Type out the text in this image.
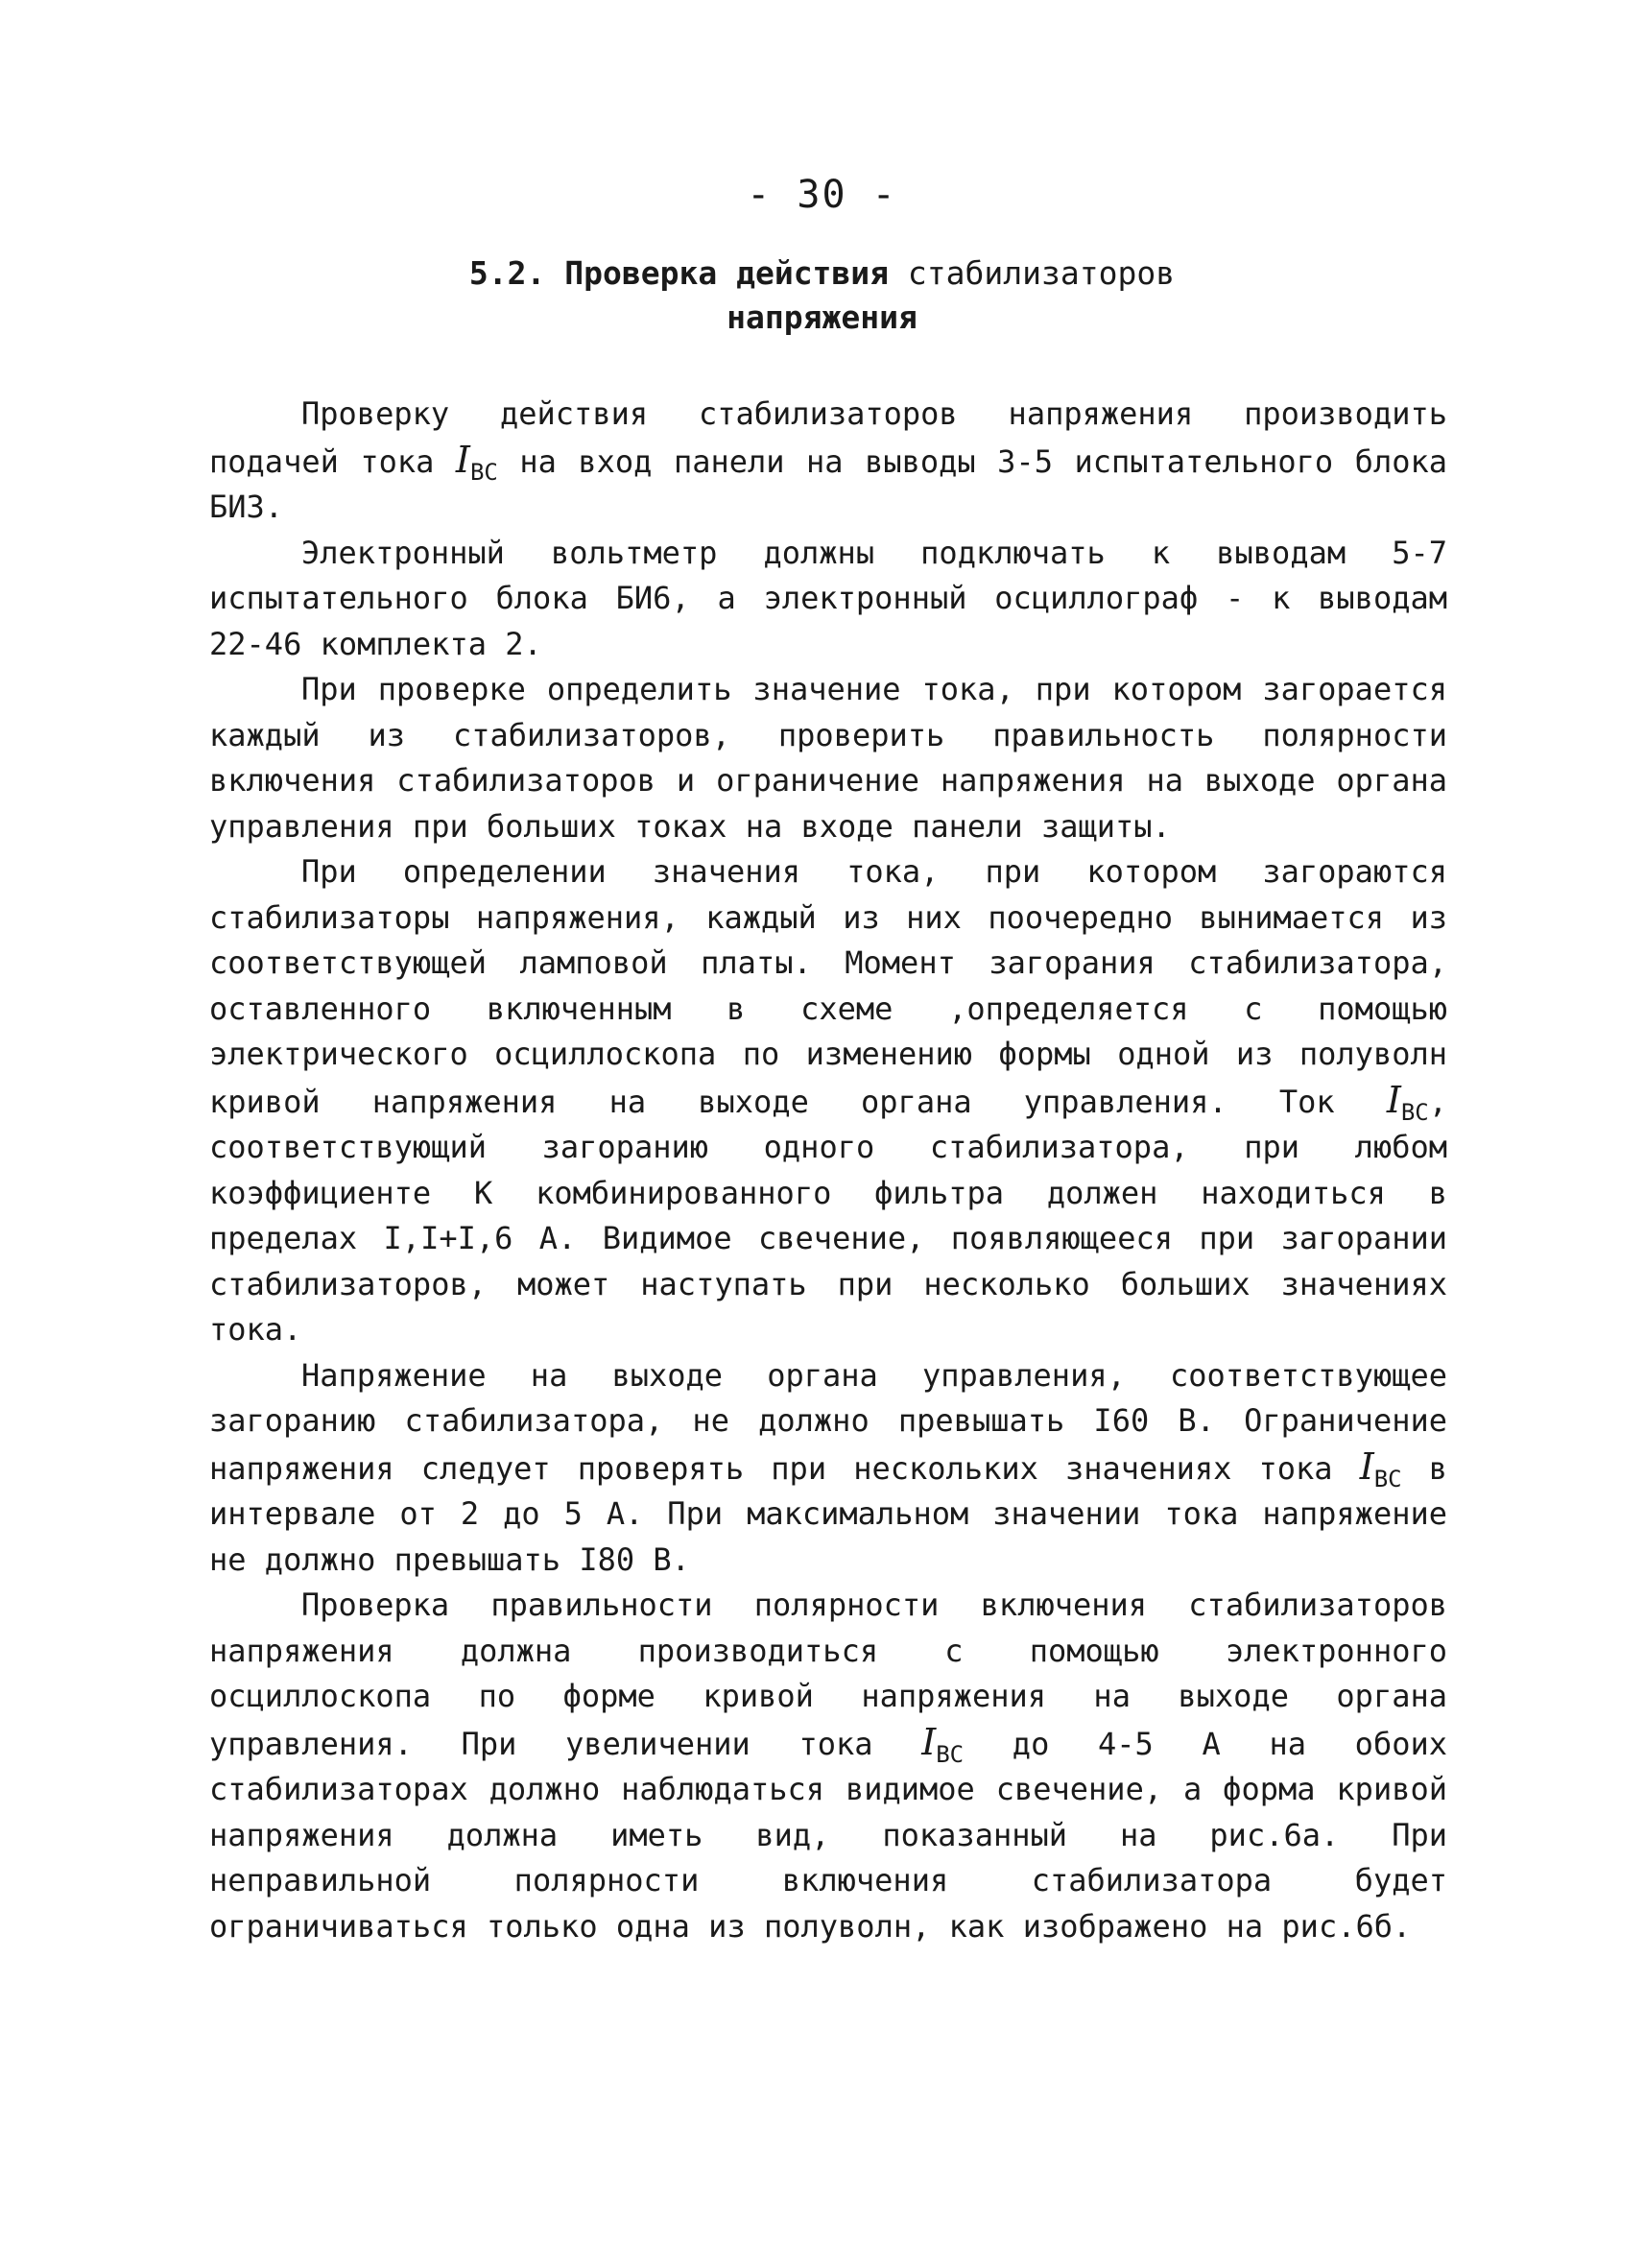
- 30 -
5.2. Проверка действия стабилизаторов
напряжения

Проверку действия стабилизаторов напряжения производить подачей тока $I_{ВС}$ на вход панели на выводы 3-5 испытательного блока БИЗ.

Электронный вольтметр должны подключать к выводам 5-7 испытательного блока БИ6, а электронный осциллограф - к выводам 22-46 комплекта 2.

При проверке определить значение тока, при котором загорается каждый из стабилизаторов, проверить правильность полярности включения стабилизаторов и ограничение напряжения на выходе органа управления при больших токах на входе панели защиты.

При определении значения тока, при котором загораются стабилизаторы напряжения, каждый из них поочередно вынимается из соответствующей ламповой платы. Момент загорания стабилизатора, оставленного включенным в схеме ,определяется с помощью электрического осциллоскопа по изменению формы одной из полуволн кривой напряжения на выходе органа управления. Ток $I_{ВС}$, соответствующий загоранию одного стабилизатора, при любом коэффициенте К комбинированного фильтра должен находиться в пределах I,I+I,6 А. Видимое свечение, появляющееся при загорании стабилизаторов, может наступать при несколько больших значениях тока.

Напряжение на выходе органа управления, соответствующее загоранию стабилизатора, не должно превышать I60 В. Ограничение напряжения следует проверять при нескольких значениях тока $I_{ВС}$ в интервале от 2 до 5 А. При максимальном значении тока напряжение не должно превышать I80 В.

Проверка правильности полярности включения стабилизаторов напряжения должна производиться с помощью электронного осциллоскопа по форме кривой напряжения на выходе органа управления. При увеличении тока $I_{ВС}$ до 4-5 А на обоих стабилизаторах должно наблюдаться видимое свечение, а форма кривой напряжения должна иметь вид, показанный на рис.6а. При неправильной полярности включения стабилизатора будет ограничиваться только одна из полуволн, как изображено на рис.6б.
